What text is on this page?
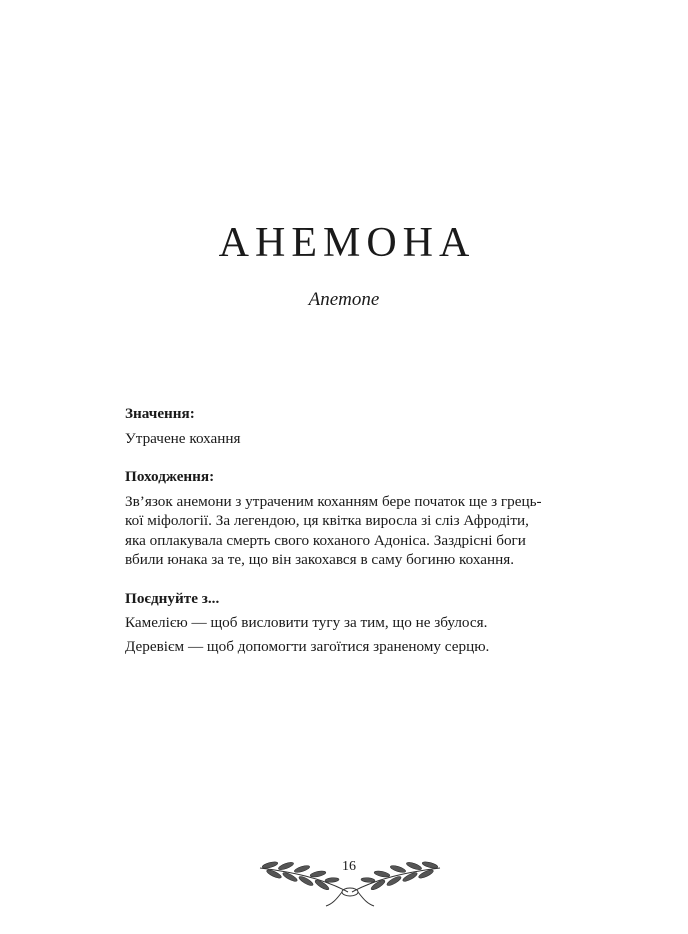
АНЕМОНА
Anemone

Значення:

Утрачене кохання

Походження:

Зв’язок анемони з утраченим коханням бере початок ще з грець-

кої міфології. За легендою, ця квітка виросла зі сліз Афродіти,

яка оплакувала смерть свого коханого Адоніса. Заздрісні боги

вбили юнака за те, що він закохався в саму богиню кохання.

Поєднуйте з...

Камелією — щоб висловити тугу за тим, що не збулося.

Деревієм — щоб допомогти загоїтися зраненому серцю.

16
